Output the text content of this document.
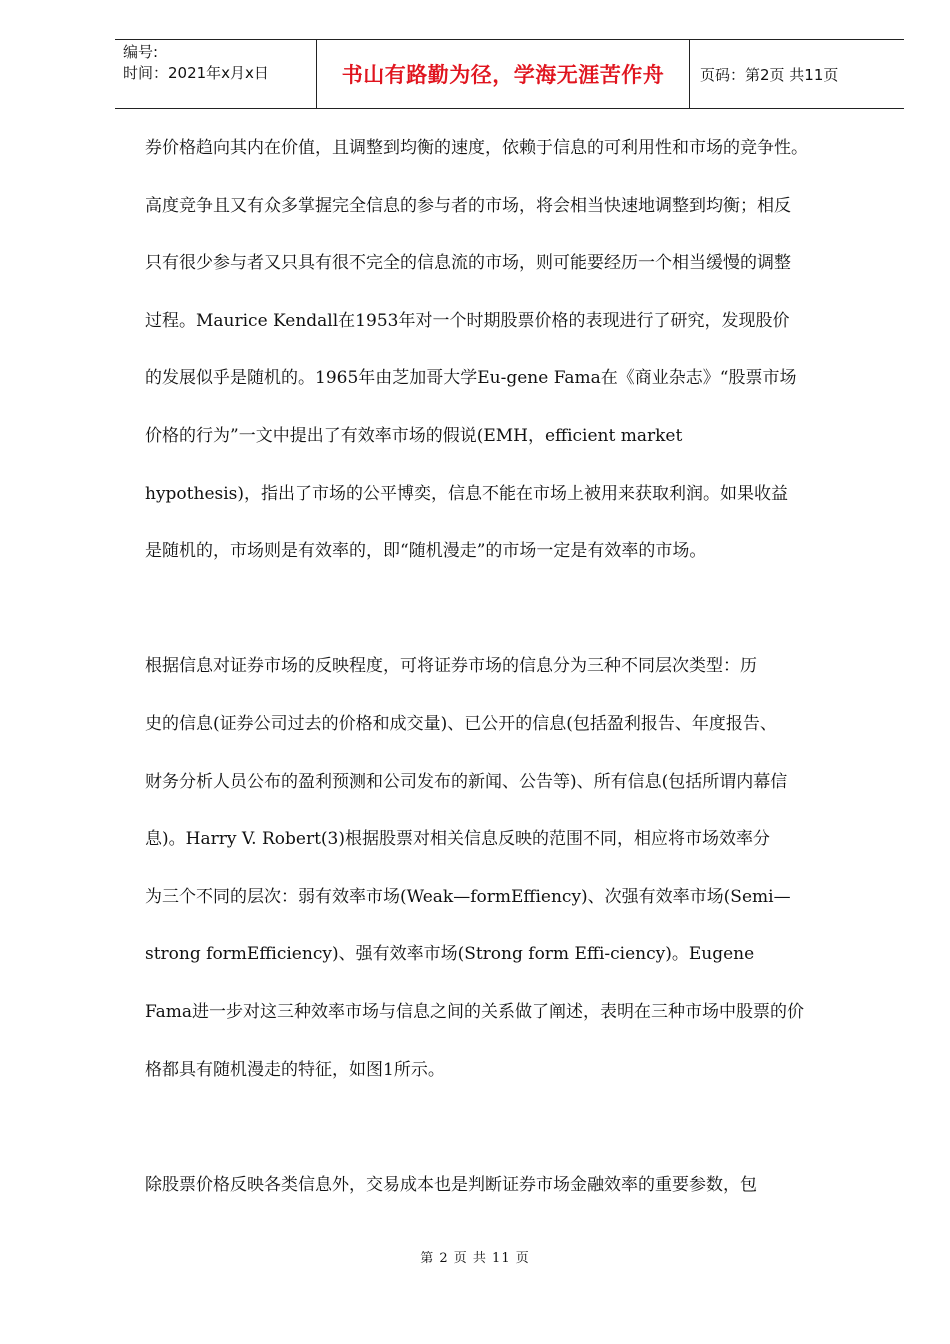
编号:
时间：2021年x月x日	书山有路勤为径，学海无涯苦作舟	页码：第2页 共11页
券价格趋向其内在价值，且调整到均衡的速度，依赖于信息的可利用性和市场的竞争性。
高度竞争且又有众多掌握完全信息的参与者的市场，将会相当快速地调整到均衡；相反
只有很少参与者又只具有很不完全的信息流的市场，则可能要经历一个相当缓慢的调整
过程。Maurice Kendall在1953年对一个时期股票价格的表现进行了研究，发现股价
的发展似乎是随机的。1965年由芝加哥大学Eu-gene Fama在《商业杂志》“股票市场
价格的行为”一文中提出了有效率市场的假说(EMH，efficient market
hypothesis)，指出了市场的公平博奕，信息不能在市场上被用来获取利润。如果收益
是随机的，市场则是有效率的，即“随机漫走”的市场一定是有效率的市场。
根据信息对证券市场的反映程度，可将证券市场的信息分为三种不同层次类型：历
史的信息(证券公司过去的价格和成交量)、已公开的信息(包括盈利报告、年度报告、
财务分析人员公布的盈利预测和公司发布的新闻、公告等)、所有信息(包括所谓内幕信
息)。Harry V. Robert(3)根据股票对相关信息反映的范围不同，相应将市场效率分
为三个不同的层次：弱有效率市场(Weak—formEffiency)、次强有效率市场(Semi—
strong formEfficiency)、强有效率市场(Strong form Effi-ciency)。Eugene
Fama进一步对这三种效率市场与信息之间的关系做了阐述，表明在三种市场中股票的价
格都具有随机漫走的特征，如图1所示。
除股票价格反映各类信息外，交易成本也是判断证券市场金融效率的重要参数，包
第 2 页 共 11 页
